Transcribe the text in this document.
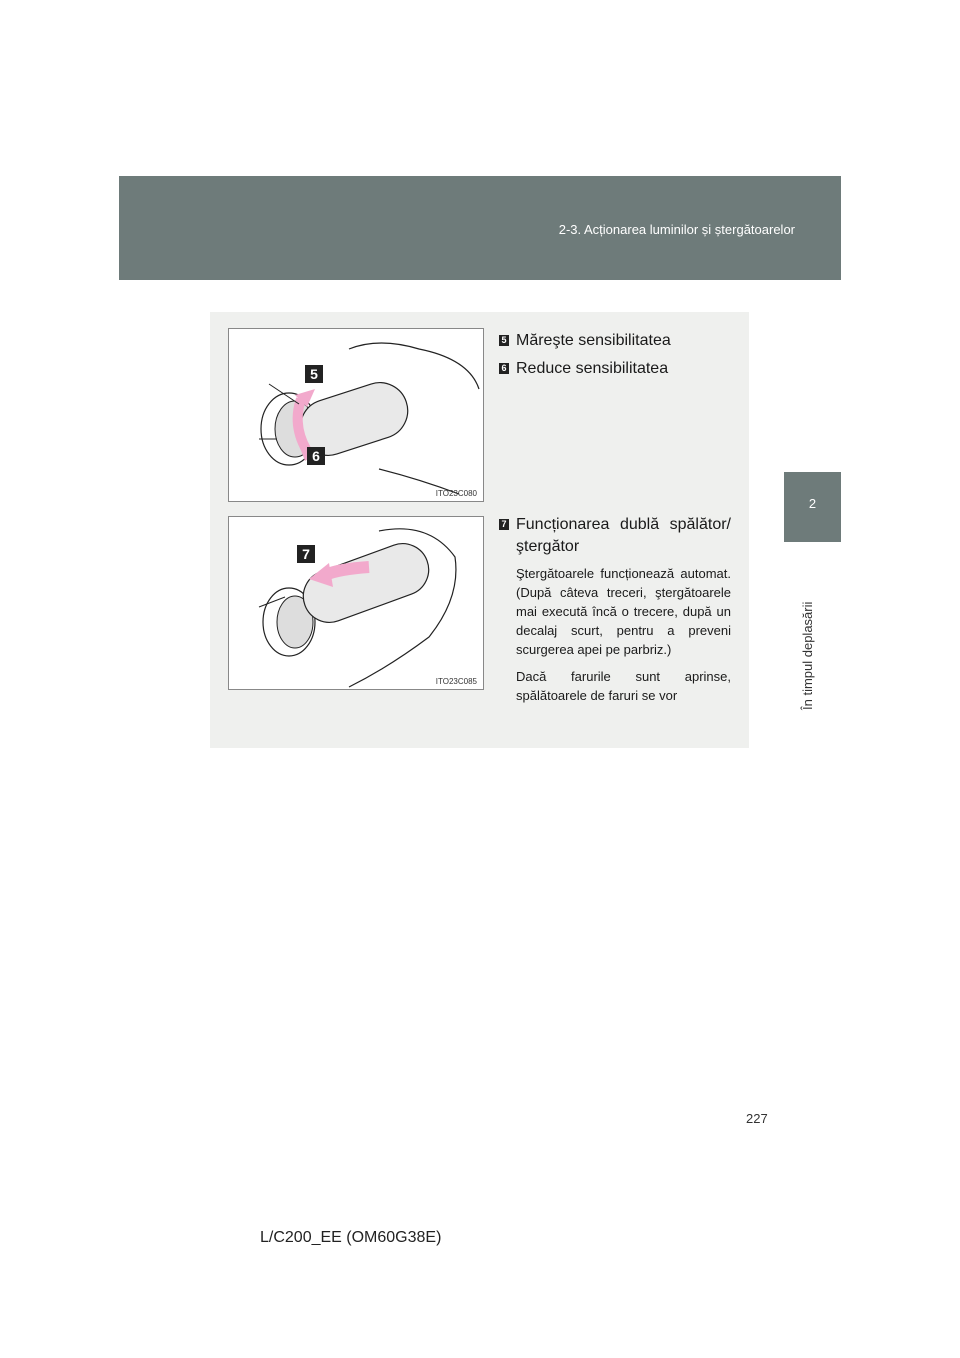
2-3. Acționarea luminilor și ștergătoarelor
2
În timpul deplasării
5
6
ITO23C080
7
ITO23C085
5 Măreşte sensibilitatea
6 Reduce sensibilitatea
7 Funcționarea dublă spălător/ştergător

Ştergătoarele funcționează automat. (După câteva treceri, ştergătoarele mai execută încă o trecere, după un decalaj scurt, pentru a preveni scurgerea apei pe parbriz.)

Dacă farurile sunt aprinse, spălătoarele de faruri se vor

227
L/C200_EE (OM60G38E)
